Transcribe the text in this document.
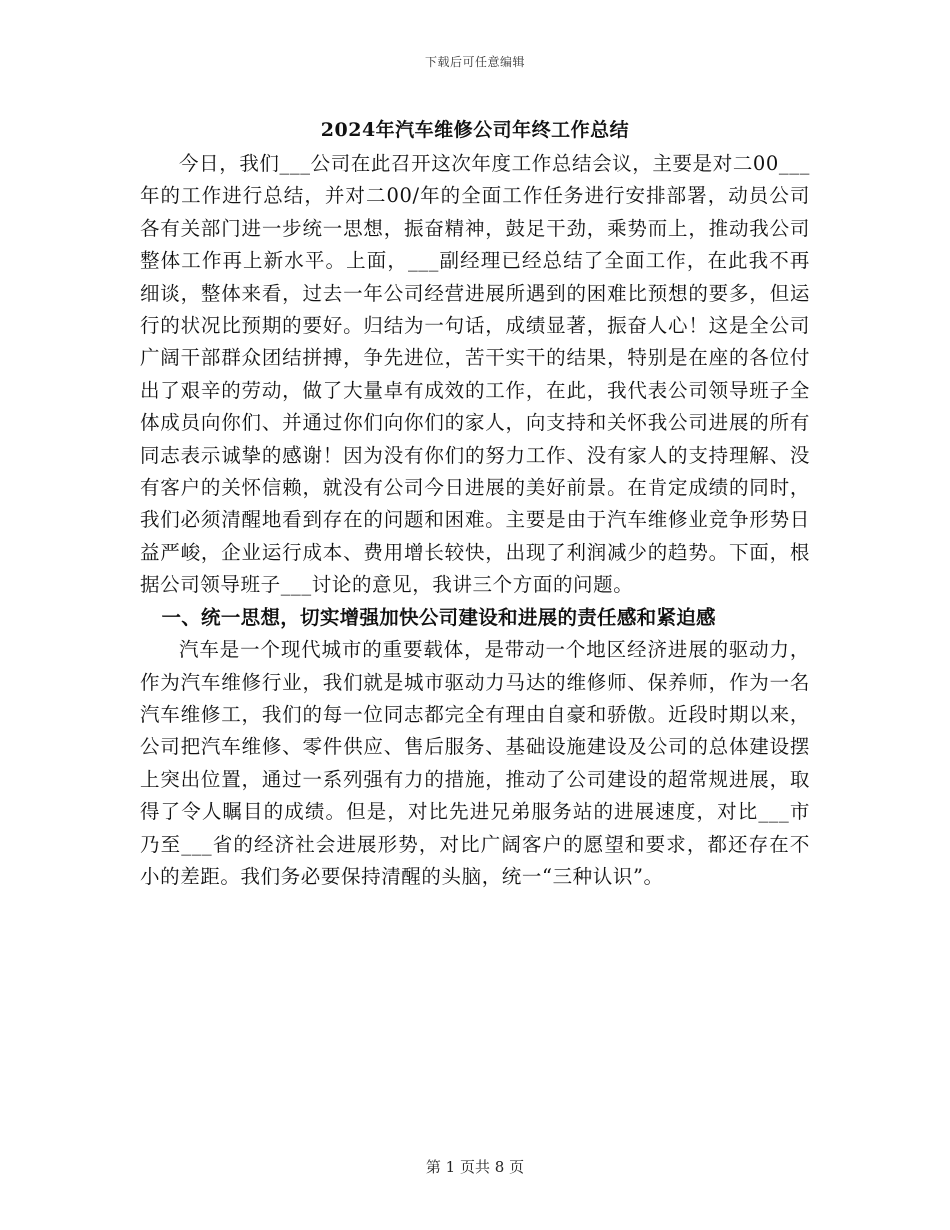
下载后可任意编辑
2024年汽车维修公司年终工作总结

今日，我们___公司在此召开这次年度工作总结会议，主要是对二00___年的工作进行总结，并对二00/年的全面工作任务进行安排部署，动员公司各有关部门进一步统一思想，振奋精神，鼓足干劲，乘势而上，推动我公司整体工作再上新水平。上面，___副经理已经总结了全面工作，在此我不再细谈，整体来看，过去一年公司经营进展所遇到的困难比预想的要多，但运行的状况比预期的要好。归结为一句话，成绩显著，振奋人心！这是全公司广阔干部群众团结拼搏，争先进位，苦干实干的结果，特别是在座的各位付出了艰辛的劳动，做了大量卓有成效的工作，在此，我代表公司领导班子全体成员向你们、并通过你们向你们的家人，向支持和关怀我公司进展的所有同志表示诚挚的感谢！因为没有你们的努力工作、没有家人的支持理解、没有客户的关怀信赖，就没有公司今日进展的美好前景。在肯定成绩的同时，我们必须清醒地看到存在的问题和困难。主要是由于汽车维修业竞争形势日益严峻，企业运行成本、费用增长较快，出现了利润减少的趋势。下面，根据公司领导班子___讨论的意见，我讲三个方面的问题。

一、统一思想，切实增强加快公司建设和进展的责任感和紧迫感

汽车是一个现代城市的重要载体，是带动一个地区经济进展的驱动力，作为汽车维修行业，我们就是城市驱动力马达的维修师、保养师，作为一名汽车维修工，我们的每一位同志都完全有理由自豪和骄傲。近段时期以来，公司把汽车维修、零件供应、售后服务、基础设施建设及公司的总体建设摆上突出位置，通过一系列强有力的措施，推动了公司建设的超常规进展，取得了令人瞩目的成绩。但是，对比先进兄弟服务站的进展速度，对比___市乃至___省的经济社会进展形势，对比广阔客户的愿望和要求，都还存在不小的差距。我们务必要保持清醒的头脑，统一“三种认识”。

第 1 页共 8 页
